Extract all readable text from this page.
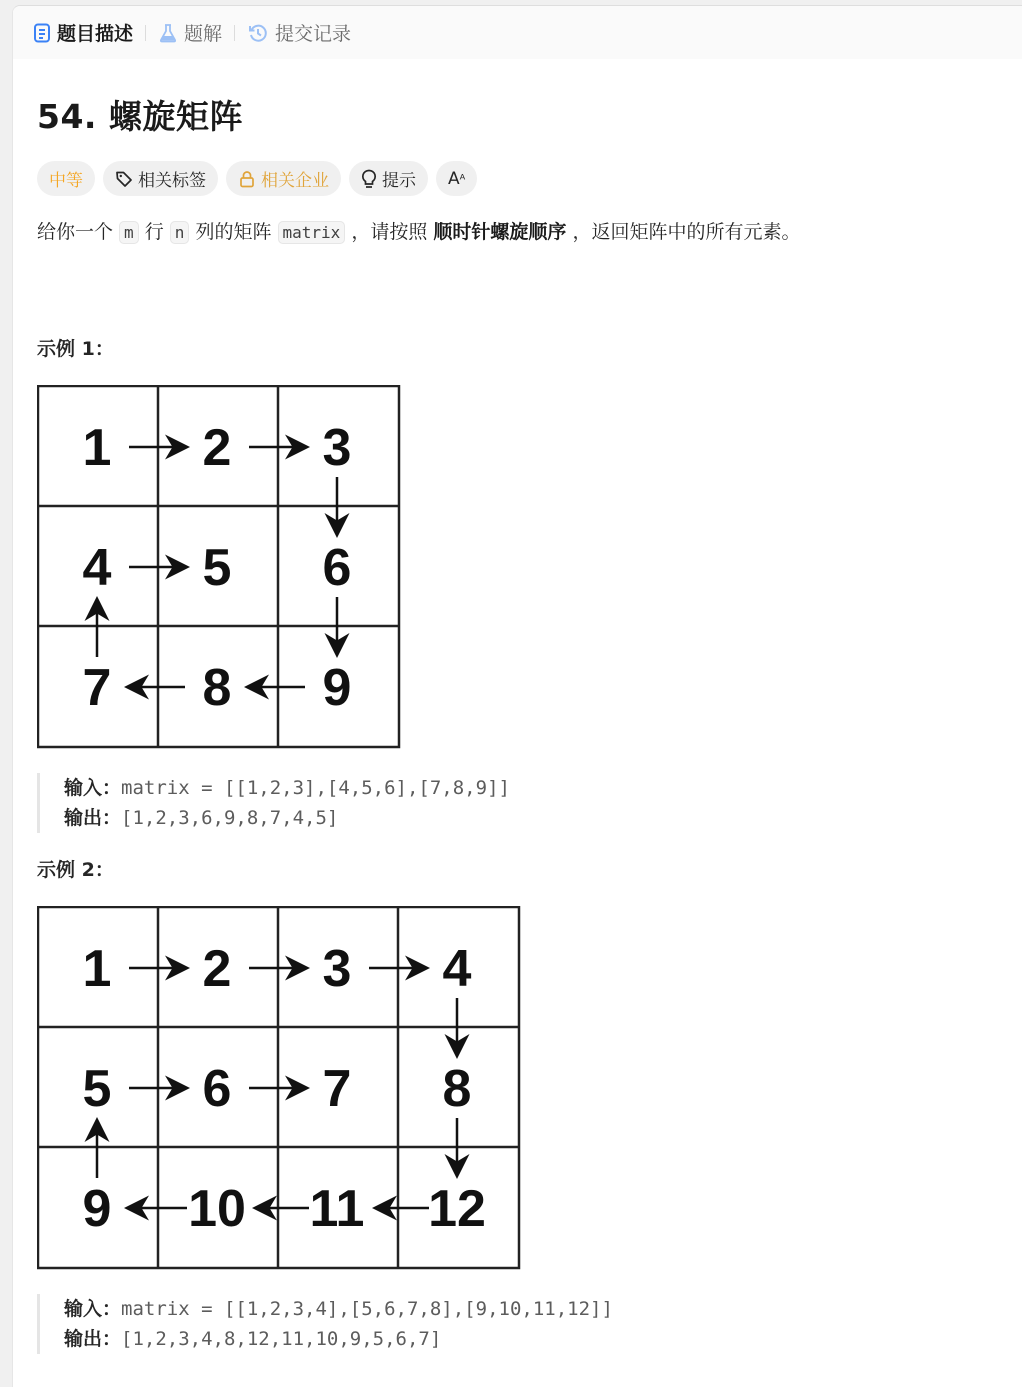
题目描述	题解	提交记录
54. 螺旋矩阵
中等	相关标签	相关企业	提示 Aᴬ
给你一个 m 行 n 列的矩阵 matrix ，请按照 顺时针螺旋顺序 ，返回矩阵中的所有元素。
示例 1：
1 2 3
4 5 6
7 8 9
输入：matrix = [[1,2,3],[4,5,6],[7,8,9]]
输出：[1,2,3,6,9,8,7,4,5]
示例 2：
1 2 3 4
5 6 7 8
9 10 11 12
输入：matrix = [[1,2,3,4],[5,6,7,8],[9,10,11,12]]
输出：[1,2,3,4,8,12,11,10,9,5,6,7]
